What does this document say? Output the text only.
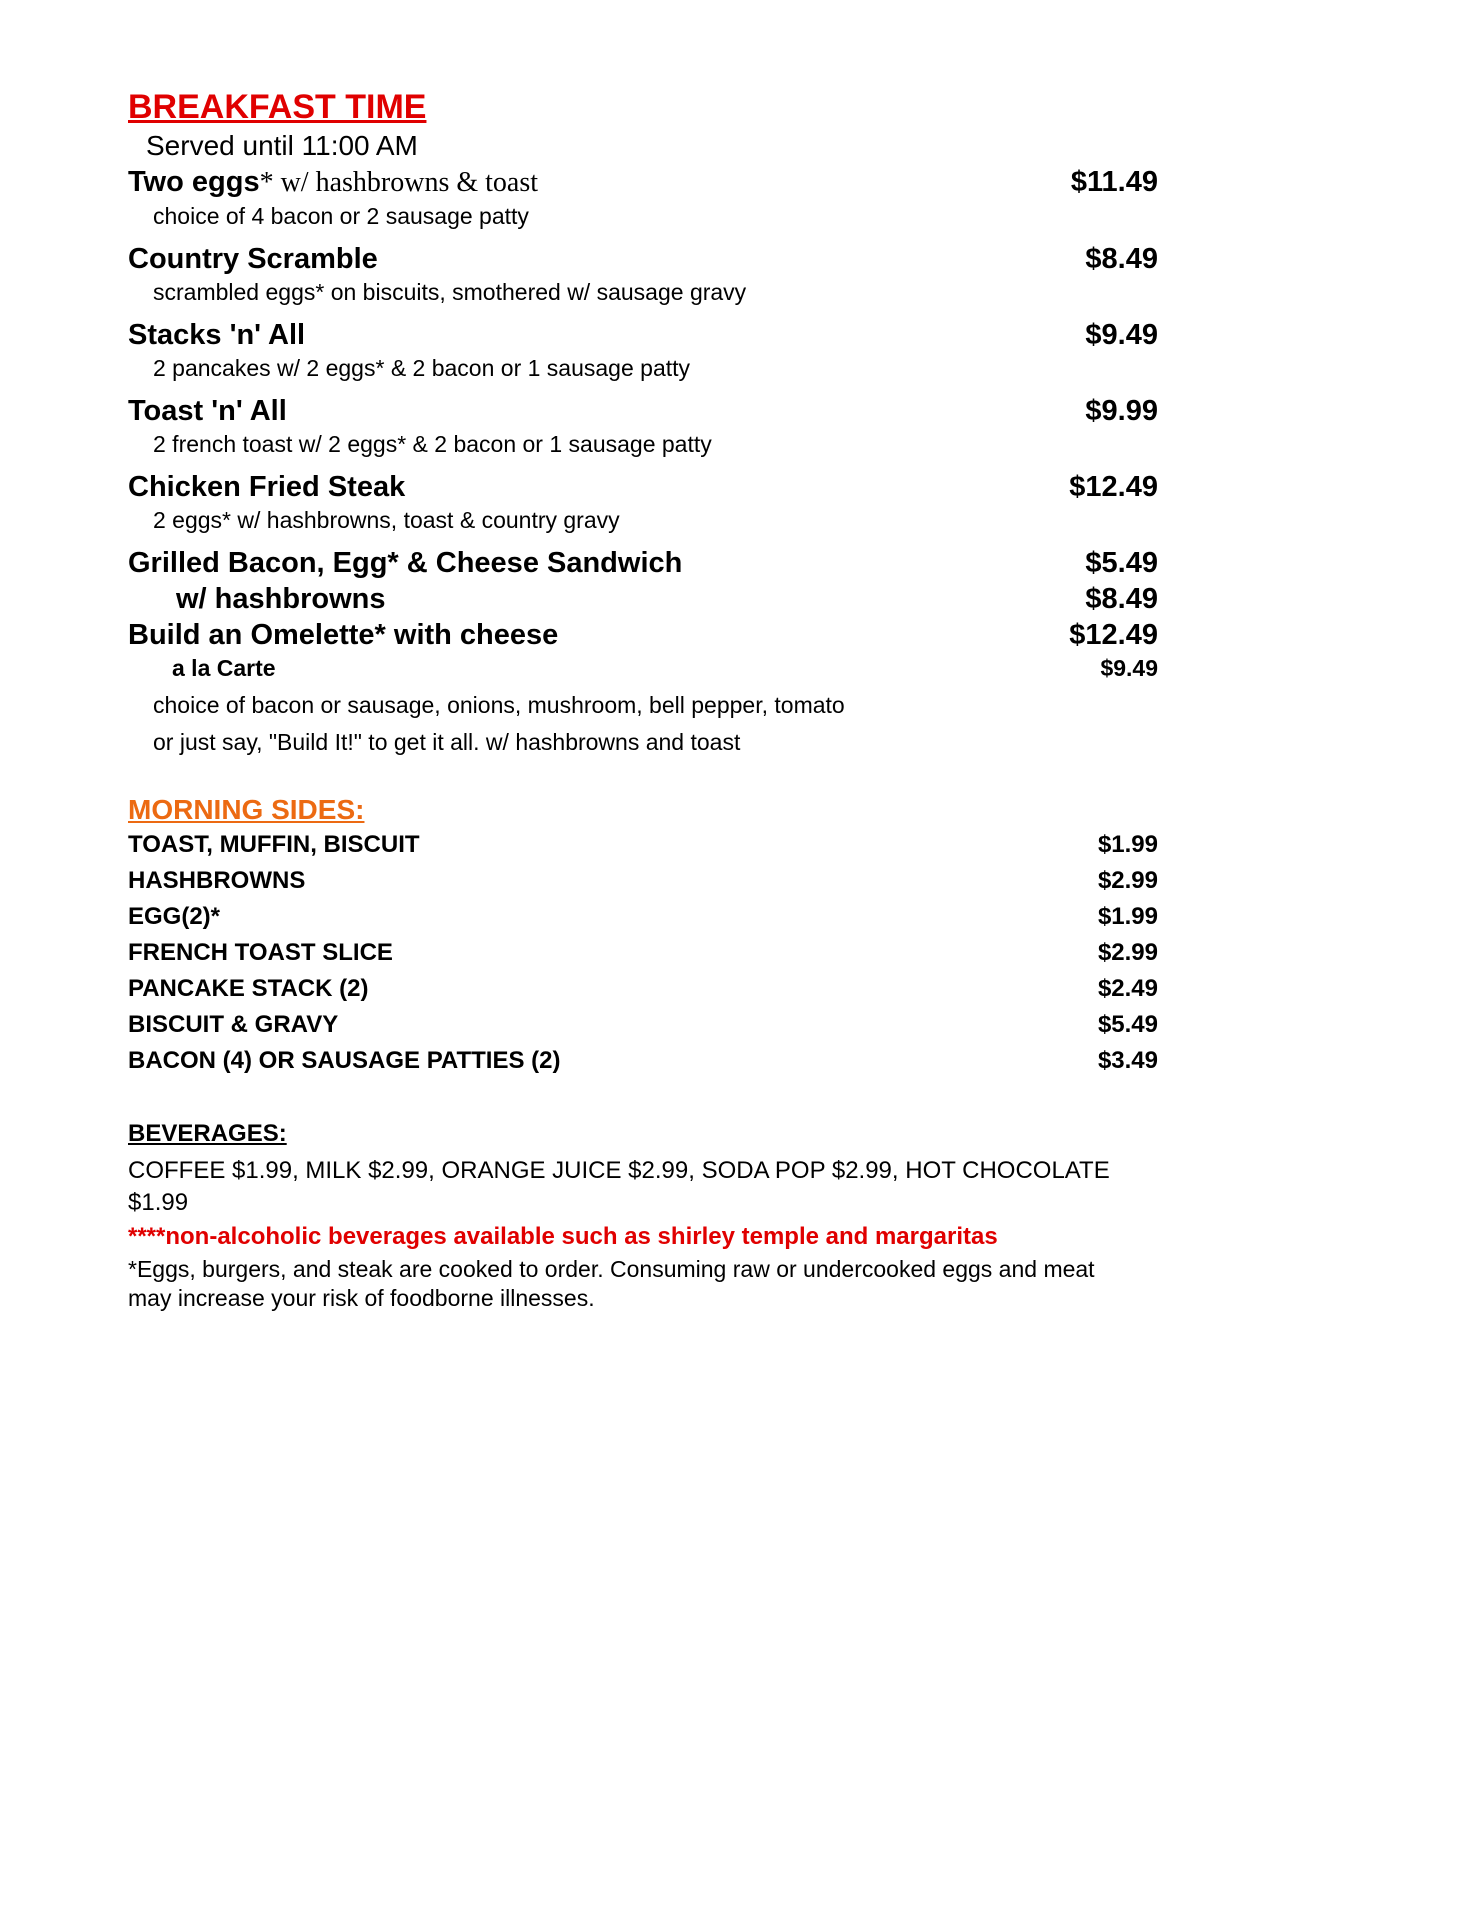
BREAKFAST TIME
Served until 11:00 AM
Two eggs* w/ hashbrowns & toast	$11.49
choice of 4 bacon or 2 sausage patty
Country Scramble	$8.49
scrambled eggs* on biscuits, smothered w/ sausage gravy
Stacks 'n' All	$9.49
2 pancakes w/ 2 eggs* & 2 bacon or 1 sausage patty
Toast 'n' All	$9.99
2 french toast w/ 2 eggs* & 2 bacon or 1 sausage patty
Chicken Fried Steak	$12.49
2 eggs* w/ hashbrowns, toast & country gravy
Grilled Bacon, Egg* & Cheese Sandwich	$5.49
w/ hashbrowns	$8.49
Build an Omelette* with cheese	$12.49
a la Carte	$9.49
choice of bacon or sausage, onions, mushroom, bell pepper, tomato
or just say, "Build It!" to get it all. w/ hashbrowns and toast
MORNING SIDES:
TOAST, MUFFIN, BISCUIT	$1.99
HASHBROWNS	$2.99
EGG(2)*	$1.99
FRENCH TOAST SLICE	$2.99
PANCAKE STACK (2)	$2.49
BISCUIT & GRAVY	$5.49
BACON (4) OR SAUSAGE PATTIES (2)	$3.49
BEVERAGES:
COFFEE $1.99, MILK $2.99, ORANGE JUICE $2.99, SODA POP $2.99, HOT CHOCOLATE $1.99
****non-alcoholic beverages available such as shirley temple and margaritas
*Eggs, burgers, and steak are cooked to order. Consuming raw or undercooked eggs and meat
may increase your risk of foodborne illnesses.
